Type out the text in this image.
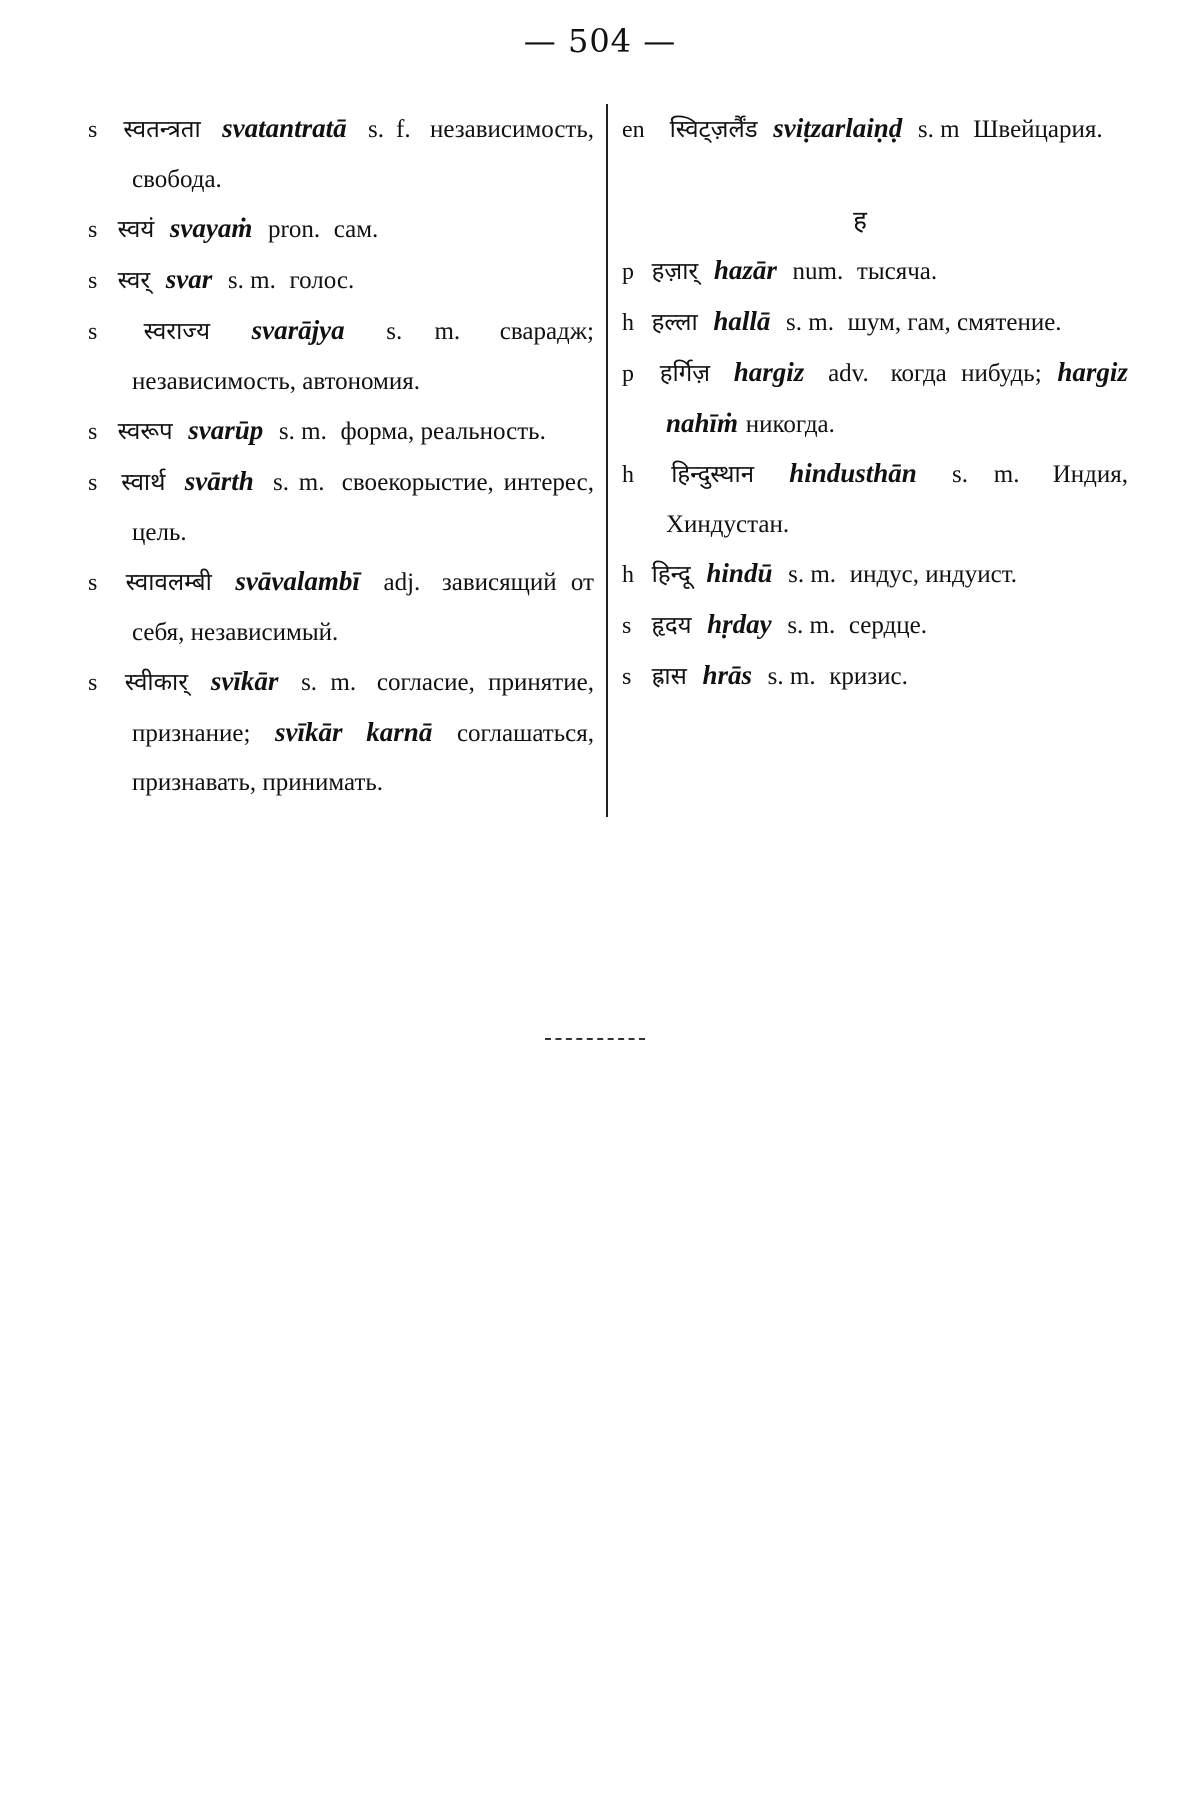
— 504 —

s स्वतन्त्रता svatantratā s. f. независимость, свобода.

s स्वयं svayaṁ pron. сам.

s स्वर् svar s. m. голос.

s स्वराज्य svarājya s. m. сварадж; независимость, автономия.

s स्वरूप svarūp s. m. форма, реальность.

s स्वार्थ svārth s. m. своекорыстие, интерес, цель.

s स्वावलम्बी svāvalambī adj. зависящий от себя, независимый.

s स्वीकार् svīkār s. m. согласие, принятие, признание; svīkār karnā соглашаться, признавать, принимать.

en स्विट्ज़र्लैंड sviṭzarlaiṇḍ s. m Швейцария.

ह

p हज़ार् hazār num. тысяча.

h हल्ला hallā s. m. шум, гам, смятение.

p हर्गिज़ hargiz adv. когда нибудь; hargiz nahīṁ никогда.

h हिन्दुस्थान hindusthān s. m. Индия, Хиндустан.

h हिन्दू hindū s. m. индус, индуист.

s हृदय hṛday s. m. сердце.

s ह्रास hrās s. m. кризис.
